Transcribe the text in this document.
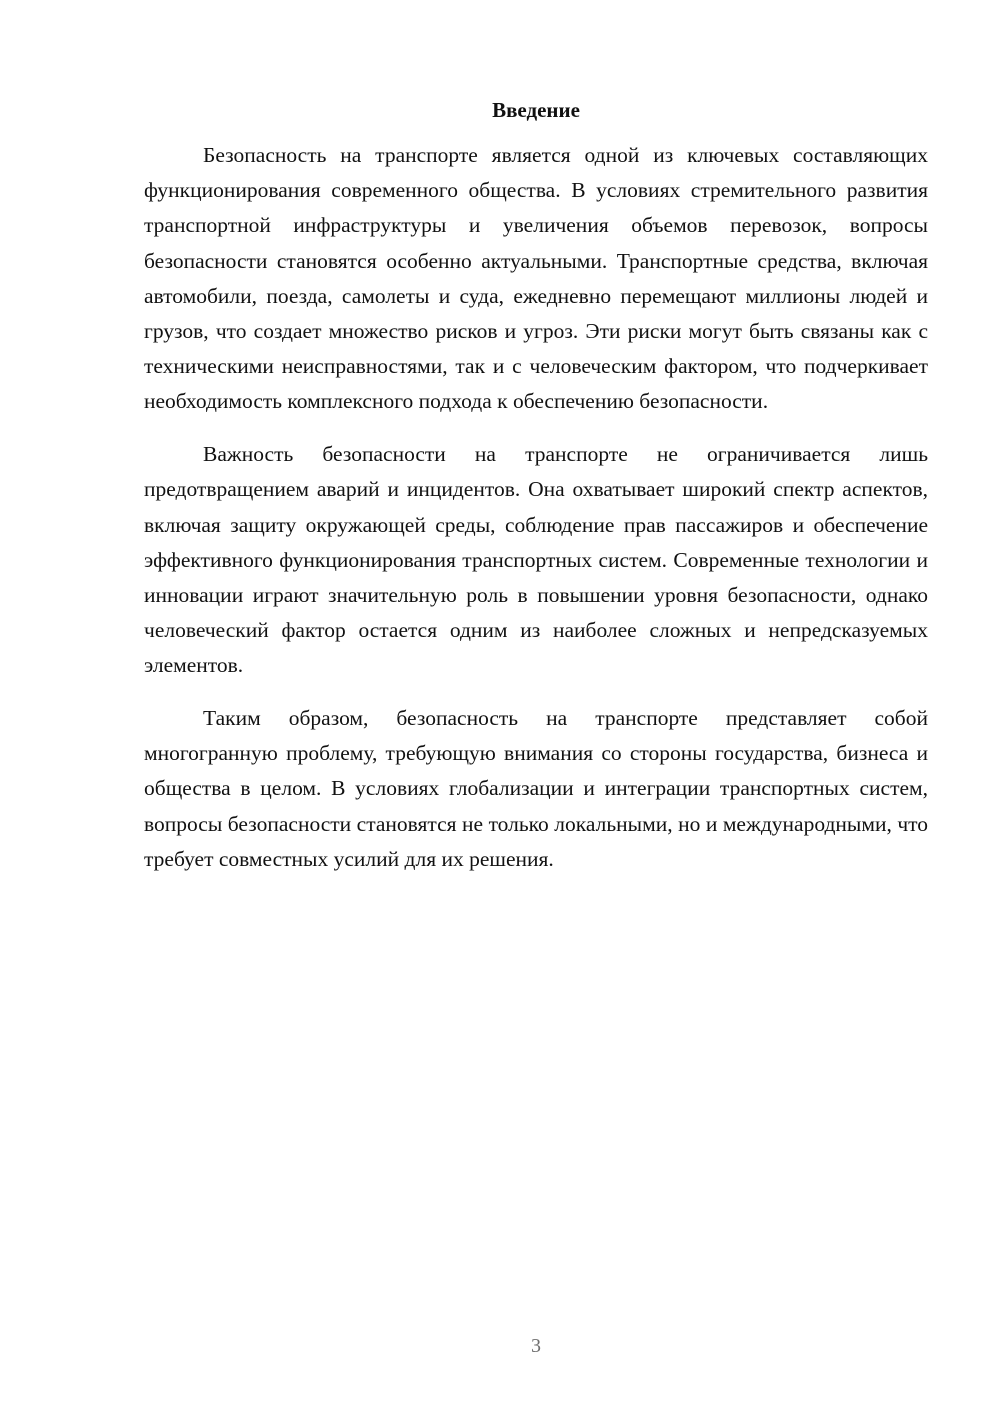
Введение

Безопасность на транспорте является одной из ключевых составляющих функционирования современного общества. В условиях стремительного развития транспортной инфраструктуры и увеличения объемов перевозок, вопросы безопасности становятся особенно актуальными. Транспортные средства, включая автомобили, поезда, самолеты и суда, ежедневно перемещают миллионы людей и грузов, что создает множество рисков и угроз. Эти риски могут быть связаны как с техническими неисправностями, так и с человеческим фактором, что подчеркивает необходимость комплексного подхода к обеспечению безопасности.

Важность безопасности на транспорте не ограничивается лишь предотвращением аварий и инцидентов. Она охватывает широкий спектр аспектов, включая защиту окружающей среды, соблюдение прав пассажиров и обеспечение эффективного функционирования транспортных систем. Современные технологии и инновации играют значительную роль в повышении уровня безопасности, однако человеческий фактор остается одним из наиболее сложных и непредсказуемых элементов.

Таким образом, безопасность на транспорте представляет собой многогранную проблему, требующую внимания со стороны государства, бизнеса и общества в целом. В условиях глобализации и интеграции транспортных систем, вопросы безопасности становятся не только локальными, но и международными, что требует совместных усилий для их решения.

3
